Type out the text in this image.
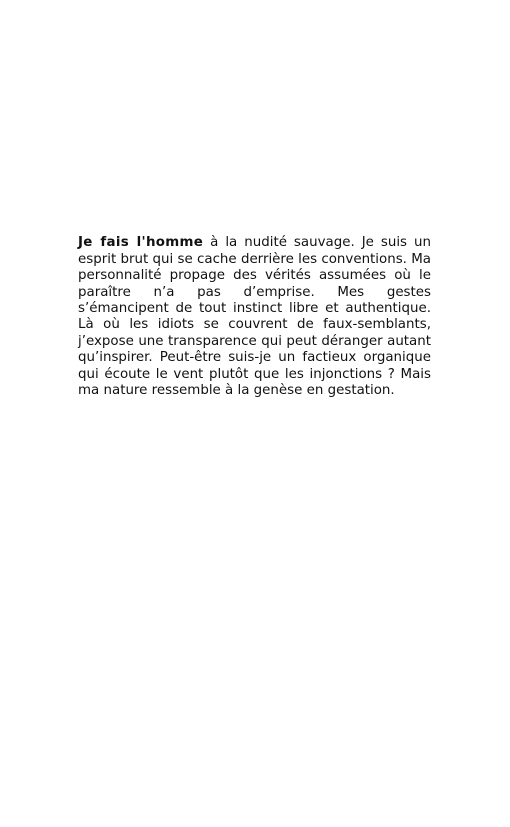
Je fais l'homme à la nudité sauvage. Je suis un esprit brut qui se cache derrière les conventions. Ma personnalité propage des vérités assumées où le paraître n’a pas d’emprise. Mes gestes s’émancipent de tout instinct libre et authentique. Là où les idiots se couvrent de faux-semblants, j’expose une transparence qui peut déranger autant qu’inspirer. Peut-être suis-je un factieux organique qui écoute le vent plutôt que les injonctions ? Mais ma nature ressemble à la genèse en gestation.
